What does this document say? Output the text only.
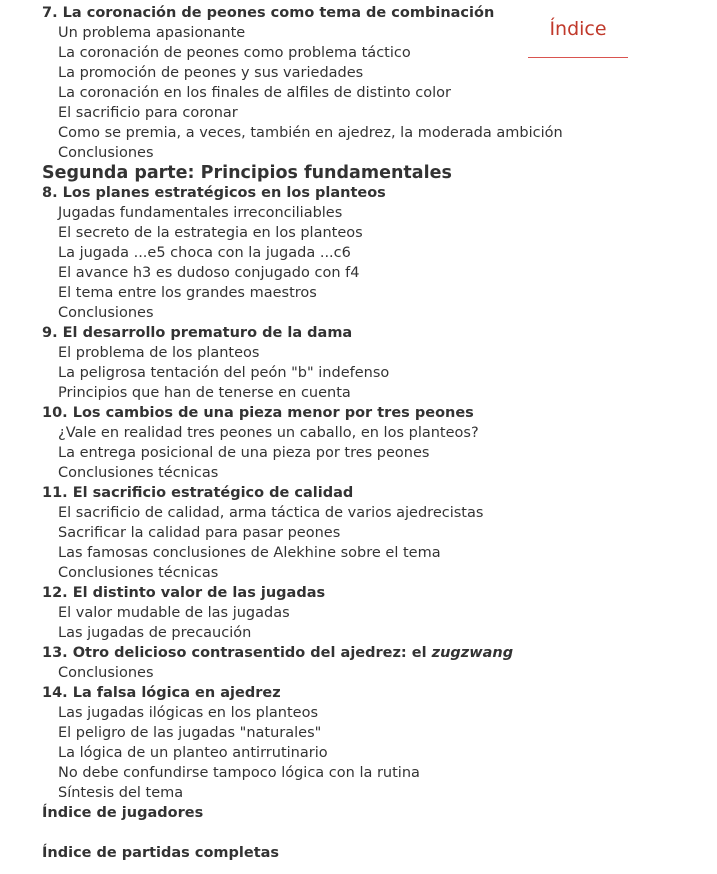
7. La coronación de peones como tema de combinación
Un problema apasionante
La coronación de peones como problema táctico
La promoción de peones y sus variedades
La coronación en los finales de alfiles de distinto color
El sacrificio para coronar
Como se premia, a veces, también en ajedrez, la moderada ambición
Conclusiones
Segunda parte: Principios fundamentales
8. Los planes estratégicos en los planteos
Jugadas fundamentales irreconciliables
El secreto de la estrategia en los planteos
La jugada ...e5 choca con la jugada ...c6
El avance h3 es dudoso conjugado con f4
El tema entre los grandes maestros
Conclusiones
9. El desarrollo prematuro de la dama
El problema de los planteos
La peligrosa tentación del peón "b" indefenso
Principios que han de tenerse en cuenta
10. Los cambios de una pieza menor por tres peones
¿Vale en realidad tres peones un caballo, en los planteos?
La entrega posicional de una pieza por tres peones
Conclusiones técnicas
11. El sacrificio estratégico de calidad
El sacrificio de calidad, arma táctica de varios ajedrecistas
Sacrificar la calidad para pasar peones
Las famosas conclusiones de Alekhine sobre el tema
Conclusiones técnicas
12. El distinto valor de las jugadas
El valor mudable de las jugadas
Las jugadas de precaución
13. Otro delicioso contrasentido del ajedrez: el zugzwang
Conclusiones
14. La falsa lógica en ajedrez
Las jugadas ilógicas en los planteos
El peligro de las jugadas "naturales"
La lógica de un planteo antirrutinario
No debe confundirse tampoco lógica con la rutina
Síntesis del tema
Índice de jugadores
Índice de partidas completas
Índice
